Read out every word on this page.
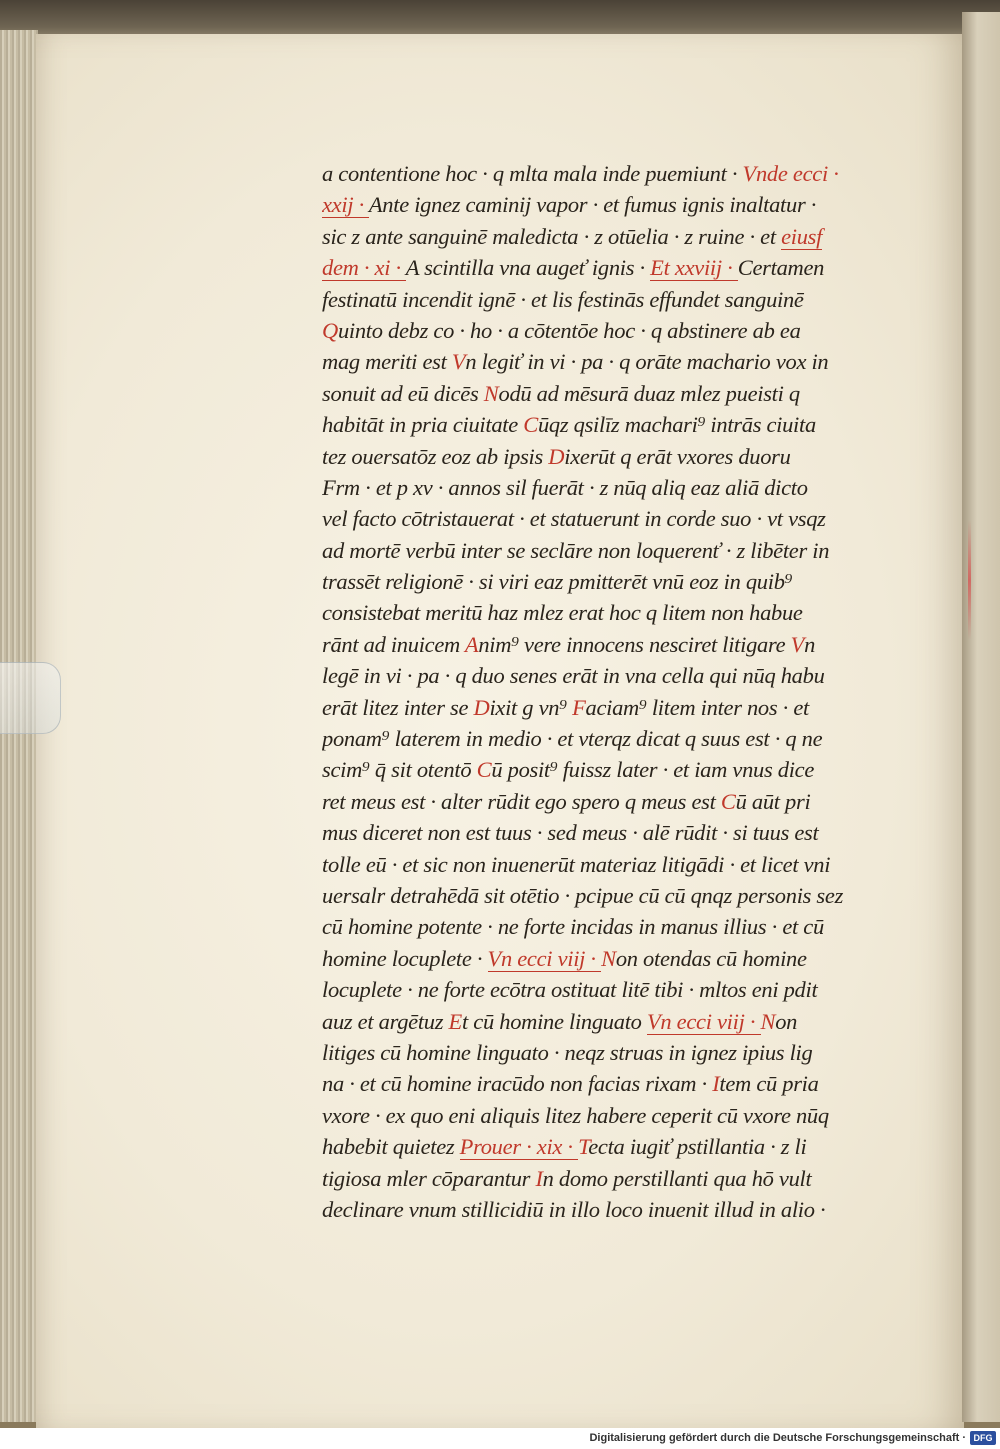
a contentione hoc · q mlta mala inde puemiunt · Vnde ecci ·
xxij · Ante ignez caminij vapor · et fumus ignis inaltatur ·
sic z ante sanguinē maledicta · z otūelia · z ruine · et eiusf
dem · xi · A scintilla vna augeť ignis · Et xxviij · Certamen
festinatū incendit ignē · et lis festinās effundet sanguinē
Quinto debz co · ho · a cōtentōe hoc · q abstinere ab ea
mag meriti est Vn legiť in vi · pa · q orāte machario vox in
sonuit ad eū dicēs Nodū ad mēsurā duaz mlez pueisti q
habitāt in pria ciuitate Cūqz qsilīz machari⁹ intrās ciuita
tez ouersatōz eoz ab ipsis Dixerūt q erāt vxores duoru
Frm · et p xv · annos sil fuerāt · z nūq aliq eaz aliā dicto
vel facto cōtristauerat · et statuerunt in corde suo · vt vsqz
ad mortē verbū inter se seclāre non loquerenť · z libēter in
trassēt religionē · si viri eaz pmitterēt vnū eoz in quib⁹
consistebat meritū haz mlez erat hoc q litem non habue
rānt ad inuicem Anim⁹ vere innocens nesciret litigare Vn
legē in vi · pa · q duo senes erāt in vna cella qui nūq habu
erāt litez inter se Dixit g vn⁹ Faciam⁹ litem inter nos · et
ponam⁹ laterem in medio · et vterqz dicat q suus est · q ne
scim⁹ q̄ sit otentō Cū posit⁹ fuissz later · et iam vnus dice
ret meus est · alter rūdit ego spero q meus est Cū aūt pri
mus diceret non est tuus · sed meus · alē rūdit · si tuus est
tolle eū · et sic non inuenerūt materiaz litigādi · et licet vni
uersalr detrahēdā sit otētio · pcipue cū cū qnqz personis sez
cū homine potente · ne forte incidas in manus illius · et cū
homine locuplete · Vn ecci viij · Non otendas cū homine
locuplete · ne forte ecōtra ostituat litē tibi · mltos eni pdit
auz et argētuz Et cū homine linguato Vn ecci viij · Non
litiges cū homine linguato · neqz struas in ignez ipius lig
na · et cū homine iracūdo non facias rixam · Item cū pria
vxore · ex quo eni aliquis litez habere ceperit cū vxore nūq
habebit quietez Prouer · xix · Tecta iugiť pstillantia · z li
tigiosa mler cōparantur In domo perstillanti qua hō vult
declinare vnum stillicidiū in illo loco inuenit illud in alio ·
Digitalisierung gefördert durch die Deutsche Forschungsgemeinschaft · DFG
